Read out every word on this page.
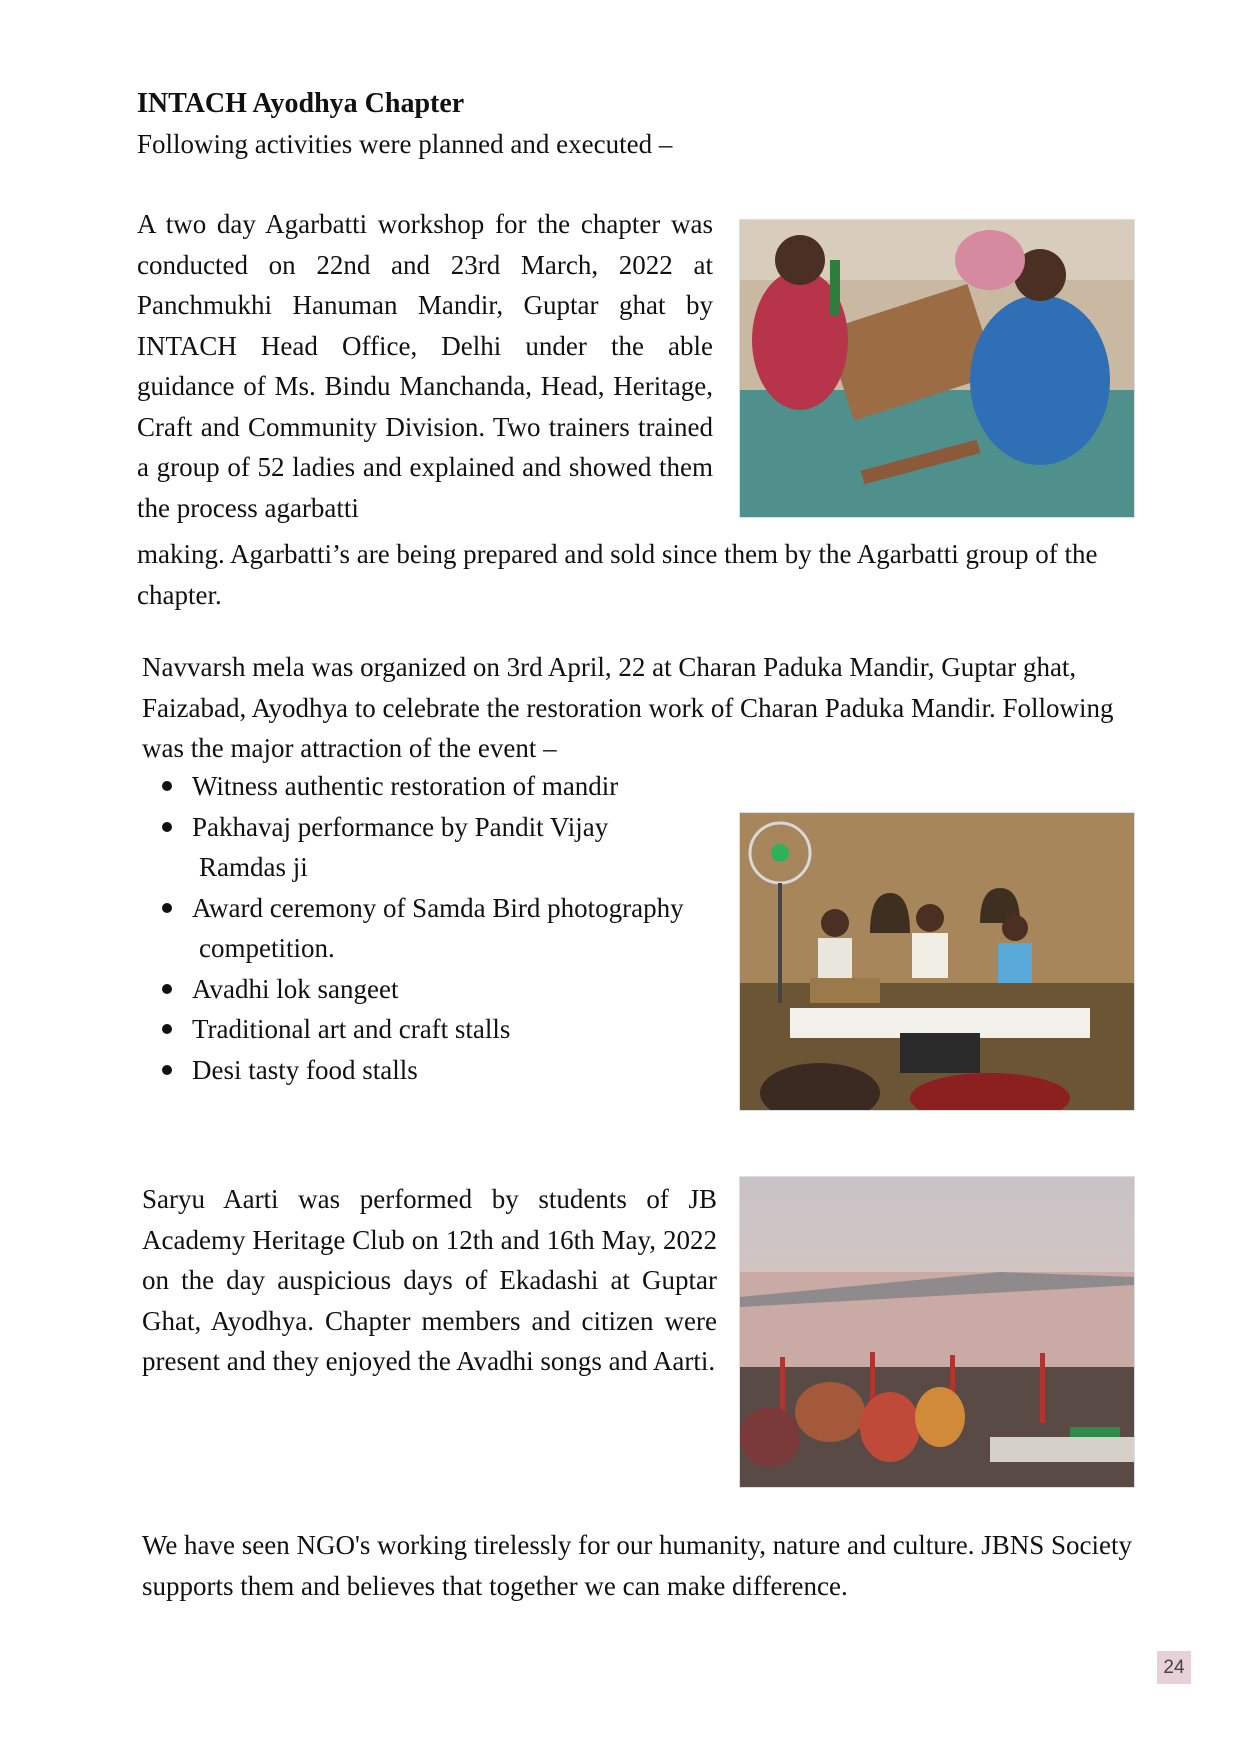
INTACH Ayodhya Chapter
Following activities were planned and executed –
A two day Agarbatti workshop for the chapter was conducted on 22nd and 23rd March, 2022 at Panchmukhi Hanuman Mandir, Guptar ghat by INTACH Head Office, Delhi under the able guidance of Ms. Bindu Manchanda, Head, Heritage, Craft and Community Division. Two trainers trained a group of 52 ladies and explained and showed them the process agarbatti
making. Agarbatti’s are being prepared and sold since them by the Agarbatti group of the chapter.
Navvarsh mela was organized on 3rd April, 22 at Charan Paduka Mandir, Guptar ghat, Faizabad, Ayodhya to celebrate the restoration work of Charan Paduka Mandir. Following was the major attraction of the event –
Witness authentic restoration of mandir
Pakhavaj performance by Pandit Vijay
Ramdas ji
Award ceremony of Samda Bird photography
competition.
Avadhi lok sangeet
Traditional art and craft stalls
Desi tasty food stalls
Saryu Aarti was performed by students of JB Academy Heritage Club on 12th and 16th May, 2022 on the day auspicious days of Ekadashi at Guptar Ghat, Ayodhya. Chapter members and citizen were present and they enjoyed the Avadhi songs and Aarti.
We have seen NGO's working tirelessly for our humanity, nature and culture. JBNS Society supports them and believes that together we can make difference.
24
